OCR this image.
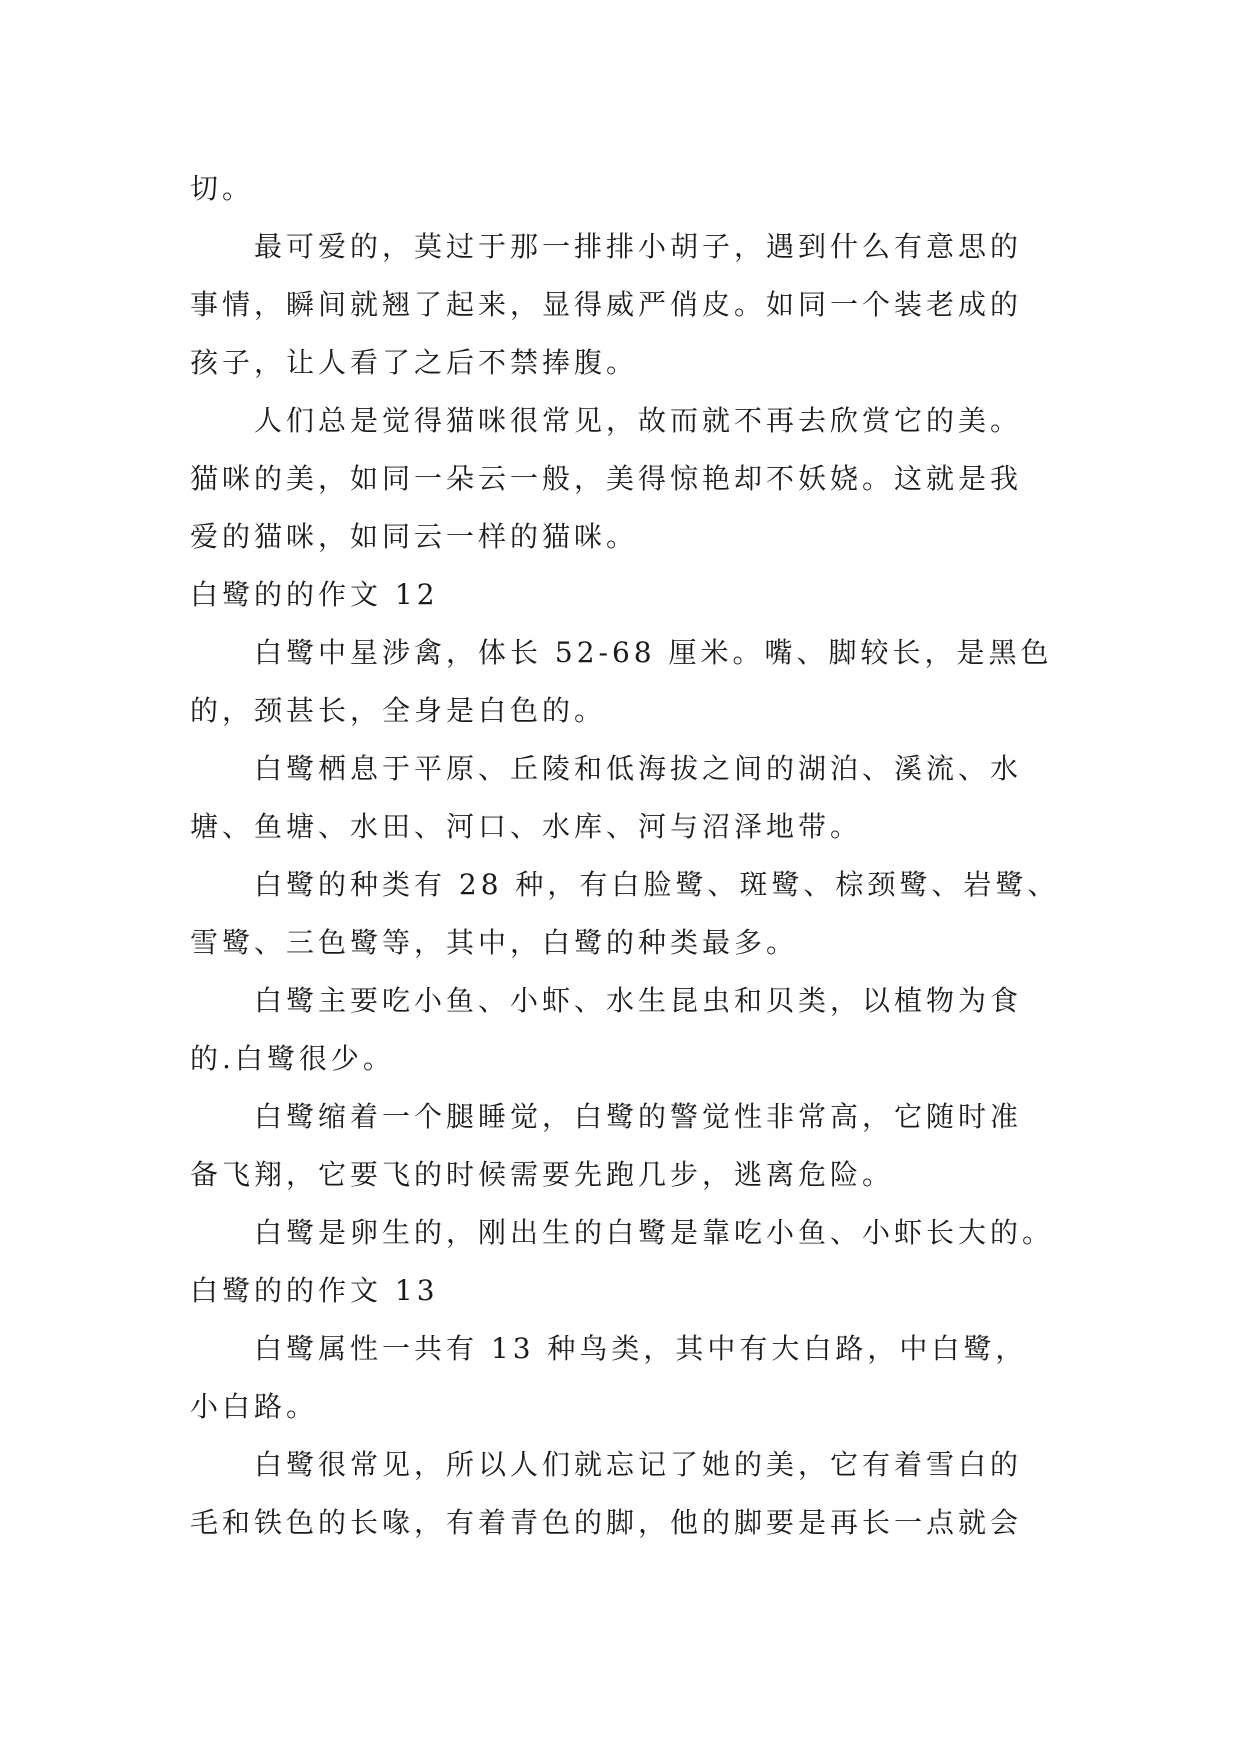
切。
最可爱的，莫过于那一排排小胡子，遇到什么有意思的
事情，瞬间就翘了起来，显得威严俏皮。如同一个装老成的
孩子，让人看了之后不禁捧腹。
人们总是觉得猫咪很常见，故而就不再去欣赏它的美。
猫咪的美，如同一朵云一般，美得惊艳却不妖娆。这就是我
爱的猫咪，如同云一样的猫咪。
白鹭的的作文 12
白鹭中星涉禽，体长 52-68 厘米。嘴、脚较长，是黑色
的，颈甚长，全身是白色的。
白鹭栖息于平原、丘陵和低海拔之间的湖泊、溪流、水
塘、鱼塘、水田、河口、水库、河与沼泽地带。
白鹭的种类有 28 种，有白脸鹭、斑鹭、棕颈鹭、岩鹭、
雪鹭、三色鹭等，其中，白鹭的种类最多。
白鹭主要吃小鱼、小虾、水生昆虫和贝类，以植物为食
的.白鹭很少。
白鹭缩着一个腿睡觉，白鹭的警觉性非常高，它随时准
备飞翔，它要飞的时候需要先跑几步，逃离危险。
白鹭是卵生的，刚出生的白鹭是靠吃小鱼、小虾长大的。
白鹭的的作文 13
白鹭属性一共有 13 种鸟类，其中有大白路，中白鹭，
小白路。
白鹭很常见，所以人们就忘记了她的美，它有着雪白的
毛和铁色的长喙，有着青色的脚，他的脚要是再长一点就会
